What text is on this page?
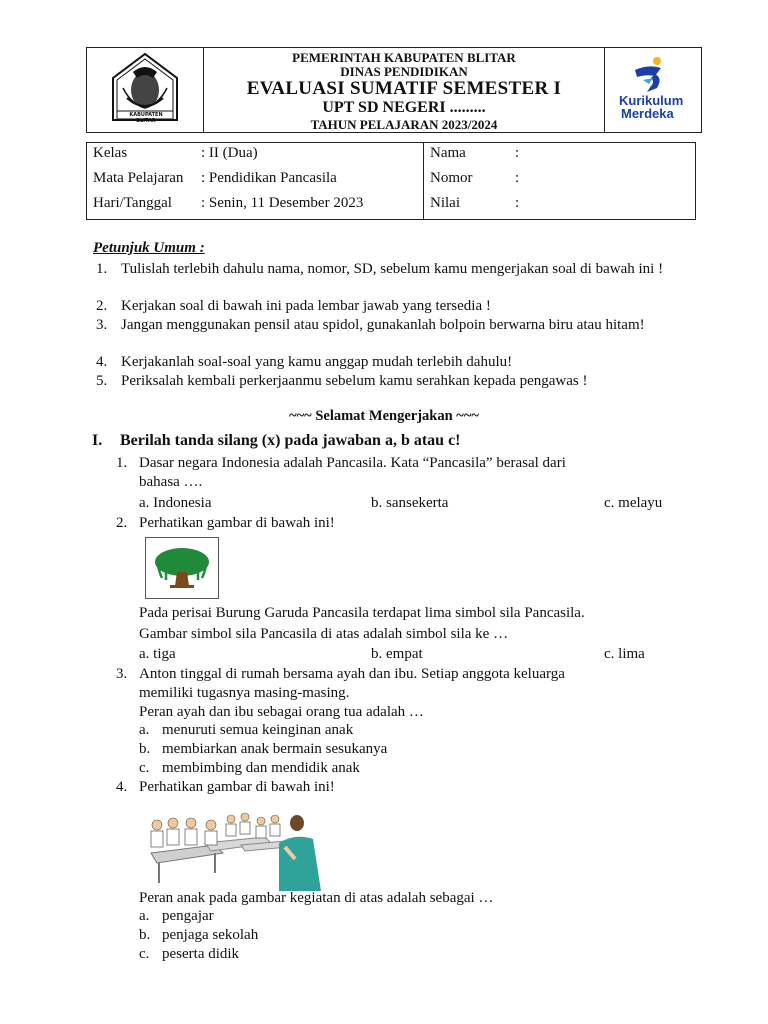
KABUPATEN BLITAR
PEMERINTAH KABUPATEN BLITAR
DINAS PENDIDIKAN
EVALUASI SUMATIF SEMESTER I
UPT SD NEGERI .........
TAHUN PELAJARAN 2023/2024
Kurikulum
Merdeka
Kelas	: II (Dua)	Nama	:
Mata Pelajaran : Pendidikan Pancasila	Nomor	:
Hari/Tanggal : Senin, 11 Desember 2023	Nilai	:
Petunjuk Umum :
1. Tulislah terlebih dahulu nama, nomor, SD, sebelum kamu mengerjakan soal di bawah ini !
2. Kerjakan soal di bawah ini pada lembar jawab yang tersedia !
3. Jangan menggunakan pensil atau spidol, gunakanlah bolpoin berwarna biru atau hitam!
4. Kerjakanlah soal-soal yang kamu anggap mudah terlebih dahulu!
5. Periksalah kembali perkerjaanmu sebelum kamu serahkan kepada pengawas !
~~~ Selamat Mengerjakan ~~~
I. Berilah tanda silang (x) pada jawaban a, b atau c!
1. Dasar negara Indonesia adalah Pancasila. Kata “Pancasila” berasal dari
bahasa ….
a. Indonesia	b. sansekerta	c. melayu
2. Perhatikan gambar di bawah ini!
Pada perisai Burung Garuda Pancasila terdapat lima simbol sila Pancasila.
Gambar simbol sila Pancasila di atas adalah simbol sila ke …
a. tiga	b. empat	c. lima
3. Anton tinggal di rumah bersama ayah dan ibu. Setiap anggota keluarga
memiliki tugasnya masing-masing.
Peran ayah dan ibu sebagai orang tua adalah …
a. menuruti semua keinginan anak
b. membiarkan anak bermain sesukanya
c. membimbing dan mendidik anak
4. Perhatikan gambar di bawah ini!
Peran anak pada gambar kegiatan di atas adalah sebagai …
a. pengajar
b. penjaga sekolah
c. peserta didik
